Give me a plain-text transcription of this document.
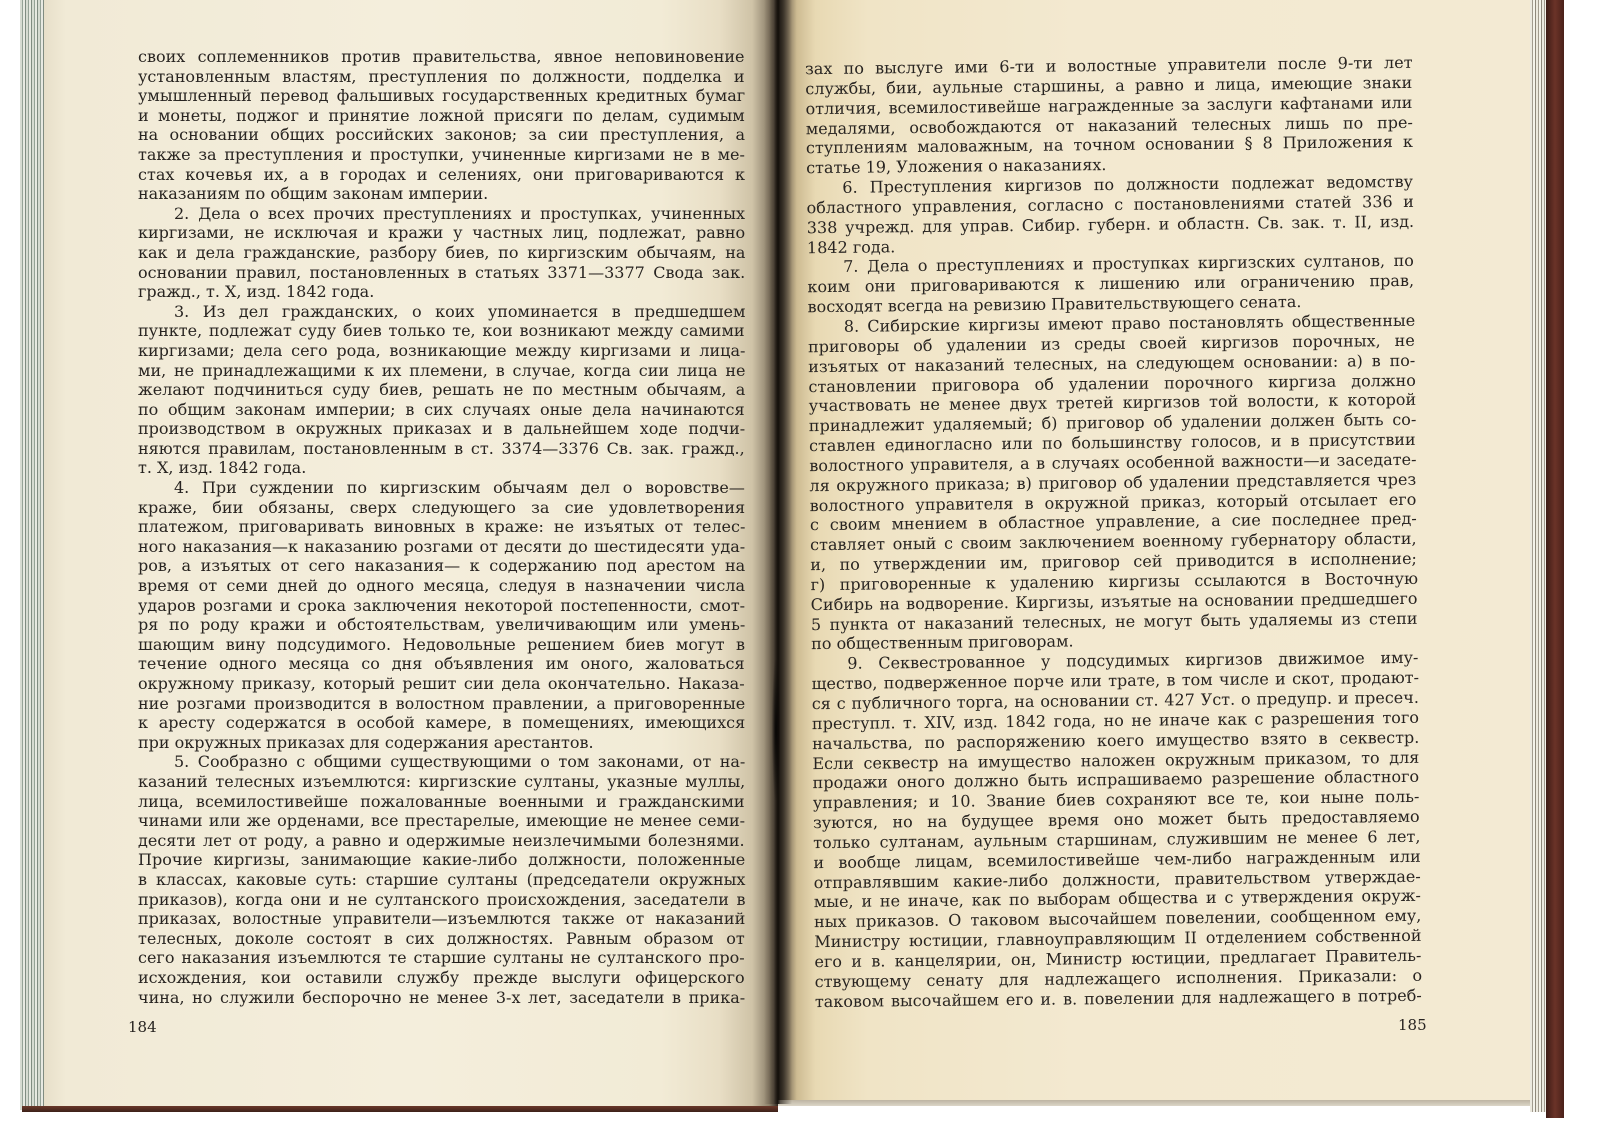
своих соплеменников против правительства, явное неповиновение
установленным властям, преступления по должности, подделка и
умышленный перевод фальшивых государственных кредитных бумаг
и монеты, поджог и принятие ложной присяги по делам, судимым
на основании общих российских законов; за сии преступления, а
также за преступления и проступки, учиненные киргизами не в ме-
стах кочевья их, а в городах и селениях, они приговариваются к
наказаниям по общим законам империи.
2. Дела о всех прочих преступлениях и проступках, учиненных
киргизами, не исключая и кражи у частных лиц, подлежат, равно
как и дела гражданские, разбору биев, по киргизским обычаям, на
основании правил, постановленных в статьях 3371—3377 Свода зак.
гражд., т. X, изд. 1842 года.
3. Из дел гражданских, о коих упоминается в предшедшем
пункте, подлежат суду биев только те, кои возникают между самими
киргизами; дела сего рода, возникающие между киргизами и лица-
ми, не принадлежащими к их племени, в случае, когда сии лица не
желают подчиниться суду биев, решать не по местным обычаям, а
по общим законам империи; в сих случаях оные дела начинаются
производством в окружных приказах и в дальнейшем ходе подчи-
няются правилам, постановленным в ст. 3374—3376 Св. зак. гражд.,
т. X, изд. 1842 года.
4. При суждении по киргизским обычаям дел о воровстве—
краже, бии обязаны, сверх следующего за сие удовлетворения
платежом, приговаривать виновных в краже: не изъятых от телес-
ного наказания—к наказанию розгами от десяти до шестидесяти уда-
ров, а изъятых от сего наказания— к содержанию под арестом на
время от семи дней до одного месяца, следуя в назначении числа
ударов розгами и срока заключения некоторой постепенности, смот-
ря по роду кражи и обстоятельствам, увеличивающим или умень-
шающим вину подсудимого. Недовольные решением биев могут в
течение одного месяца со дня объявления им оного, жаловаться
окружному приказу, который решит сии дела окончательно. Наказа-
ние розгами производится в волостном правлении, а приговоренные
к аресту содержатся в особой камере, в помещениях, имеющихся
при окружных приказах для содержания арестантов.
5. Сообразно с общими существующими о том законами, от на-
казаний телесных изъемлются: киргизские султаны, указные муллы,
лица, всемилостивейше пожалованные военными и гражданскими
чинами или же орденами, все престарелые, имеющие не менее семи-
десяти лет от роду, а равно и одержимые неизлечимыми болезнями.
Прочие киргизы, занимающие какие-либо должности, положенные
в классах, каковые суть: старшие султаны (председатели окружных
приказов), когда они и не султанского происхождения, заседатели в
приказах, волостные управители—изъемлются также от наказаний
телесных, доколе состоят в сих должностях. Равным образом от
сего наказания изъемлются те старшие султаны не султанского про-
исхождения, кои оставили службу прежде выслуги офицерского
чина, но служили беспорочно не менее 3-х лет, заседатели в прика-
зах по выслуге ими 6-ти и волостные управители после 9-ти лет
службы, бии, аульные старшины, а равно и лица, имеющие знаки
отличия, всемилостивейше награжденные за заслуги кафтанами или
медалями, освобождаются от наказаний телесных лишь по пре-
ступлениям маловажным, на точном основании § 8 Приложения к
статье 19, Уложения о наказаниях.
6. Преступления киргизов по должности подлежат ведомству
областного управления, согласно с постановлениями статей 336 и
338 учрежд. для управ. Сибир. губерн. и областн. Св. зак. т. II, изд.
1842 года.
7. Дела о преступлениях и проступках киргизских султанов, по
коим они приговариваются к лишению или ограничению прав,
восходят всегда на ревизию Правительствующего сената.
8. Сибирские киргизы имеют право постановлять общественные
приговоры об удалении из среды своей киргизов порочных, не
изъятых от наказаний телесных, на следующем основании: а) в по-
становлении приговора об удалении порочного киргиза должно
участвовать не менее двух третей киргизов той волости, к которой
принадлежит удаляемый; б) приговор об удалении должен быть со-
ставлен единогласно или по большинству голосов, и в присутствии
волостного управителя, а в случаях особенной важности—и заседате-
ля окружного приказа; в) приговор об удалении представляется чрез
волостного управителя в окружной приказ, который отсылает его
с своим мнением в областное управление, а сие последнее пред-
ставляет оный с своим заключением военному губернатору области,
и, по утверждении им, приговор сей приводится в исполнение;
г) приговоренные к удалению киргизы ссылаются в Восточную
Сибирь на водворение. Киргизы, изъятые на основании предшедшего
5 пункта от наказаний телесных, не могут быть удаляемы из степи
по общественным приговорам.
9. Секвестрованное у подсудимых киргизов движимое иму-
щество, подверженное порче или трате, в том числе и скот, продают-
ся с публичного торга, на основании ст. 427 Уст. о предупр. и пресеч.
преступл. т. XIV, изд. 1842 года, но не иначе как с разрешения того
начальства, по распоряжению коего имущество взято в секвестр.
Если секвестр на имущество наложен окружным приказом, то для
продажи оного должно быть испрашиваемо разрешение областного
управления; и 10. Звание биев сохраняют все те, кои ныне поль-
зуются, но на будущее время оно может быть предоставляемо
только султанам, аульным старшинам, служившим не менее 6 лет,
и вообще лицам, всемилостивейше чем-либо награжденным или
отправлявшим какие-либо должности, правительством утверждае-
мые, и не иначе, как по выборам общества и с утверждения окруж-
ных приказов. О таковом высочайшем повелении, сообщенном ему,
Министру юстиции, главноуправляющим II отделением собственной
его и в. канцелярии, он, Министр юстиции, предлагает Правитель-
ствующему сенату для надлежащего исполнения. Приказали: о
таковом высочайшем его и. в. повелении для надлежащего в потреб-
184	185
